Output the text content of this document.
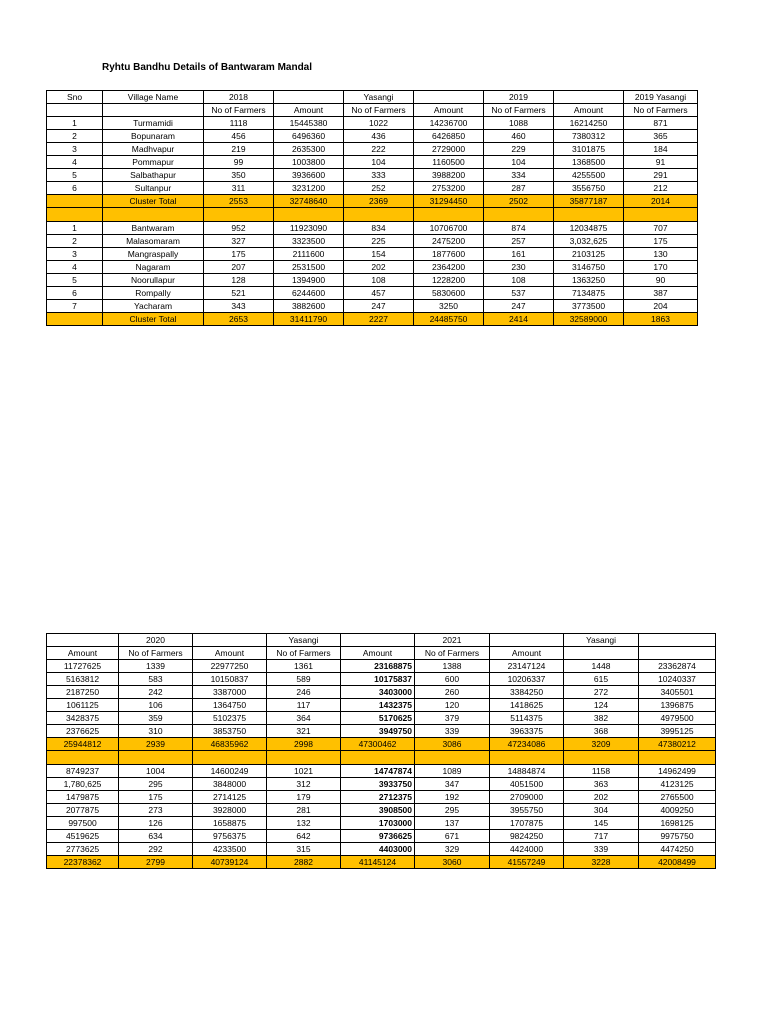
Ryhtu Bandhu Details of Bantwaram Mandal
Sno	Village Name	2018		Yasangi		2019		2019 Yasangi
		No of Farmers	Amount	No of Farmers	Amount	No of Farmers	Amount	No of Farmers
1	Turmamidi	1118	15445380	1022	14236700	1088	16214250	871
2	Bopunaram	456	6496360	436	6426850	460	7380312	365
3	Madhvapur	219	2635300	222	2729000	229	3101875	184
4	Pommapur	99	1003800	104	1160500	104	1368500	91
5	Salbathapur	350	3936600	333	3988200	334	4255500	291
6	Sultanpur	311	3231200	252	2753200	287	3556750	212
	Cluster Total	2553	32748640	2369	31294450	2502	35877187	2014

1	Bantwaram	952	11923090	834	10706700	874	12034875	707
2	Malasomaram	327	3323500	225	2475200	257	3,032,625	175
3	Mangraspally	175	2111600	154	1877600	161	2103125	130
4	Nagaram	207	2531500	202	2364200	230	3146750	170
5	Noorullapur	128	1394900	108	1228200	108	1363250	90
6	Rompally	521	6244600	457	5830600	537	7134875	387
7	Yacharam	343	3882600	247	3250	247	3773500	204
	Cluster Total	2653	31411790	2227	24485750	2414	32589000	1863
	2020		Yasangi		2021		Yasangi	
Amount	No of Farmers	Amount	No of Farmers	Amount	No of Farmers	Amount		
11727625	1339	22977250	1361	23168875	1388	23147124	1448	23362874
5163812	583	10150837	589	10175837	600	10206337	615	10240337
2187250	242	3387000	246	3403000	260	3384250	272	3405501
1061125	106	1364750	117	1432375	120	1418625	124	1396875
3428375	359	5102375	364	5170625	379	5114375	382	4979500
2376625	310	3853750	321	3949750	339	3963375	368	3995125
25944812	2939	46835962	2998	47300462	3086	47234086	3209	47380212

8749237	1004	14600249	1021	14747874	1089	14884874	1158	14962499
1,780,625	295	3848000	312	3933750	347	4051500	363	4123125
1479875	175	2714125	179	2712375	192	2709000	202	2765500
2077875	273	3928000	281	3908500	295	3955750	304	4009250
997500	126	1658875	132	1703000	137	1707875	145	1698125
4519625	634	9756375	642	9736625	671	9824250	717	9975750
2773625	292	4233500	315	4403000	329	4424000	339	4474250
22378362	2799	40739124	2882	41145124	3060	41557249	3228	42008499
